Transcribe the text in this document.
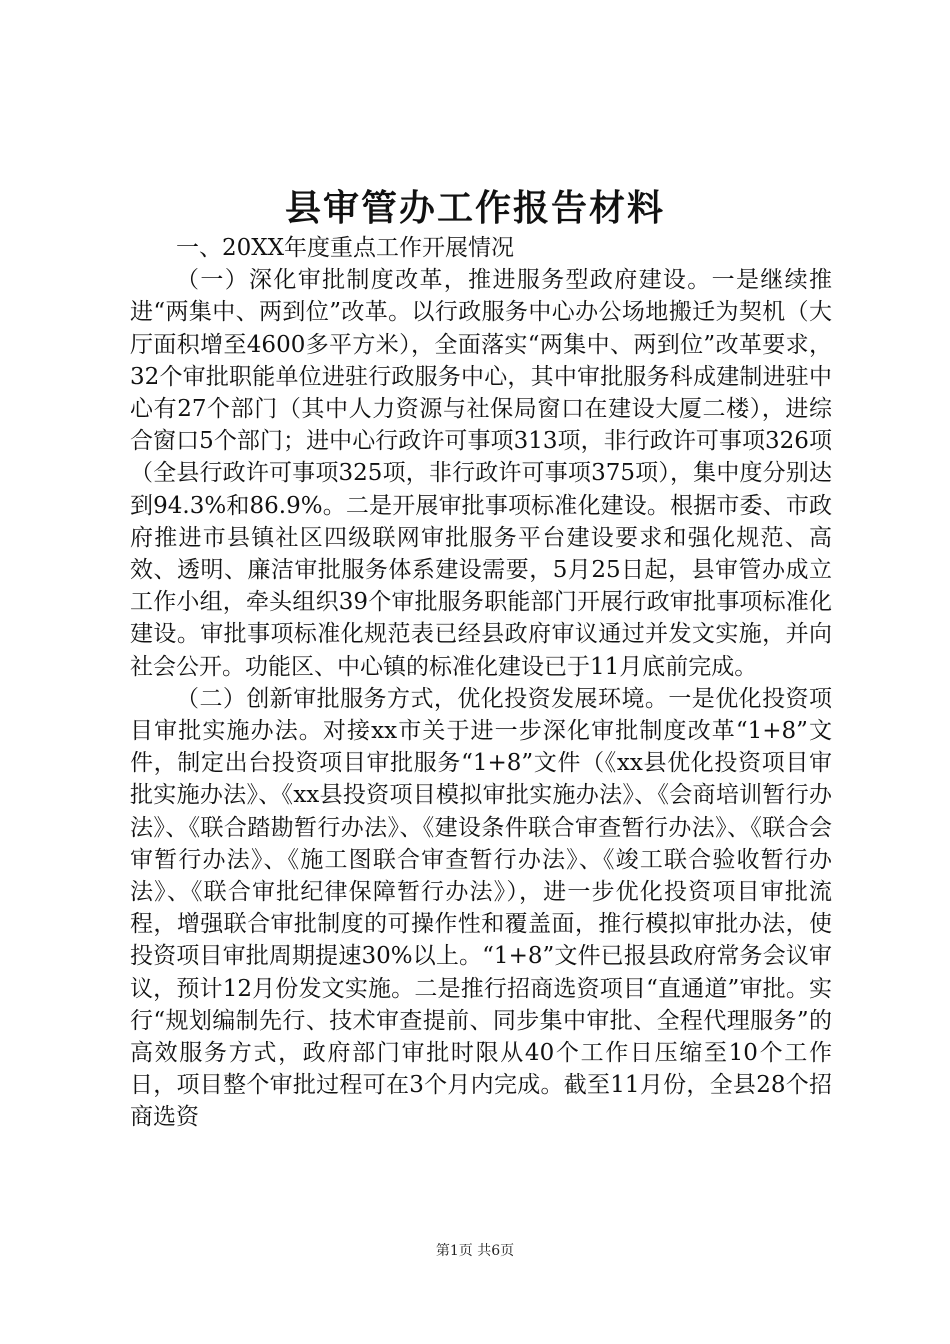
县审管办工作报告材料

一、20XX年度重点工作开展情况

（一）深化审批制度改革，推进服务型政府建设。一是继续推进“两集中、两到位”改革。以行政服务中心办公场地搬迁为契机（大厅面积增至4600多平方米），全面落实“两集中、两到位”改革要求，32个审批职能单位进驻行政服务中心，其中审批服务科成建制进驻中心有27个部门（其中人力资源与社保局窗口在建设大厦二楼），进综合窗口5个部门；进中心行政许可事项313项，非行政许可事项326项（全县行政许可事项325项，非行政许可事项375项），集中度分别达到94.3%和86.9%。二是开展审批事项标准化建设。根据市委、市政府推进市县镇社区四级联网审批服务平台建设要求和强化规范、高效、透明、廉洁审批服务体系建设需要，5月25日起，县审管办成立工作小组，牵头组织39个审批服务职能部门开展行政审批事项标准化建设。审批事项标准化规范表已经县政府审议通过并发文实施，并向社会公开。功能区、中心镇的标准化建设已于11月底前完成。

（二）创新审批服务方式，优化投资发展环境。一是优化投资项目审批实施办法。对接xx市关于进一步深化审批制度改革“1+8”文件，制定出台投资项目审批服务“1+8”文件（《xx县优化投资项目审批实施办法》、《xx县投资项目模拟审批实施办法》、《会商培训暂行办法》、《联合踏勘暂行办法》、《建设条件联合审查暂行办法》、《联合会审暂行办法》、《施工图联合审查暂行办法》、《竣工联合验收暂行办法》、《联合审批纪律保障暂行办法》），进一步优化投资项目审批流程，增强联合审批制度的可操作性和覆盖面，推行模拟审批办法，使投资项目审批周期提速30%以上。“1+8”文件已报县政府常务会议审议，预计12月份发文实施。二是推行招商选资项目“直通道”审批。实行“规划编制先行、技术审查提前、同步集中审批、全程代理服务”的高效服务方式，政府部门审批时限从40个工作日压缩至10个工作日，项目整个审批过程可在3个月内完成。截至11月份，全县28个招商选资

第1页 共6页
